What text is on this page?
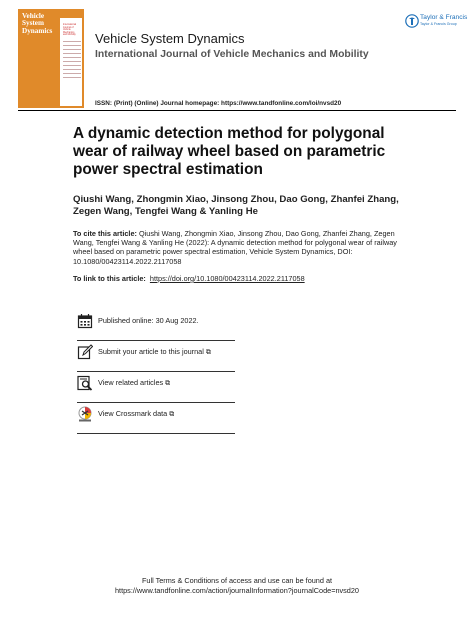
Vehicle
System
Dynamics
International Journal of Vehicle Mechanics and Mobility Vehicle System Dynamics
International Journal of Vehicle Mechanics and Mobility
ISSN: (Print) (Online) Journal homepage: https://www.tandfonline.com/loi/nvsd20
Taylor & Francis
Taylor & Francis Group
A dynamic detection method for polygonal wear of railway wheel based on parametric power spectral estimation
Qiushi Wang, Zhongmin Xiao, Jinsong Zhou, Dao Gong, Zhanfei Zhang, Zegen Wang, Tengfei Wang & Yanling He
To cite this article: Qiushi Wang, Zhongmin Xiao, Jinsong Zhou, Dao Gong, Zhanfei Zhang, Zegen Wang, Tengfei Wang & Yanling He (2022): A dynamic detection method for polygonal wear of railway wheel based on parametric power spectral estimation, Vehicle System Dynamics, DOI: 10.1080/00423114.2022.2117058
To link to this article: https://doi.org/10.1080/00423114.2022.2117058
Published online: 30 Aug 2022.
Submit your article to this journal ⧉
View related articles ⧉
View Crossmark data ⧉
Full Terms & Conditions of access and use can be found at
https://www.tandfonline.com/action/journalInformation?journalCode=nvsd20
